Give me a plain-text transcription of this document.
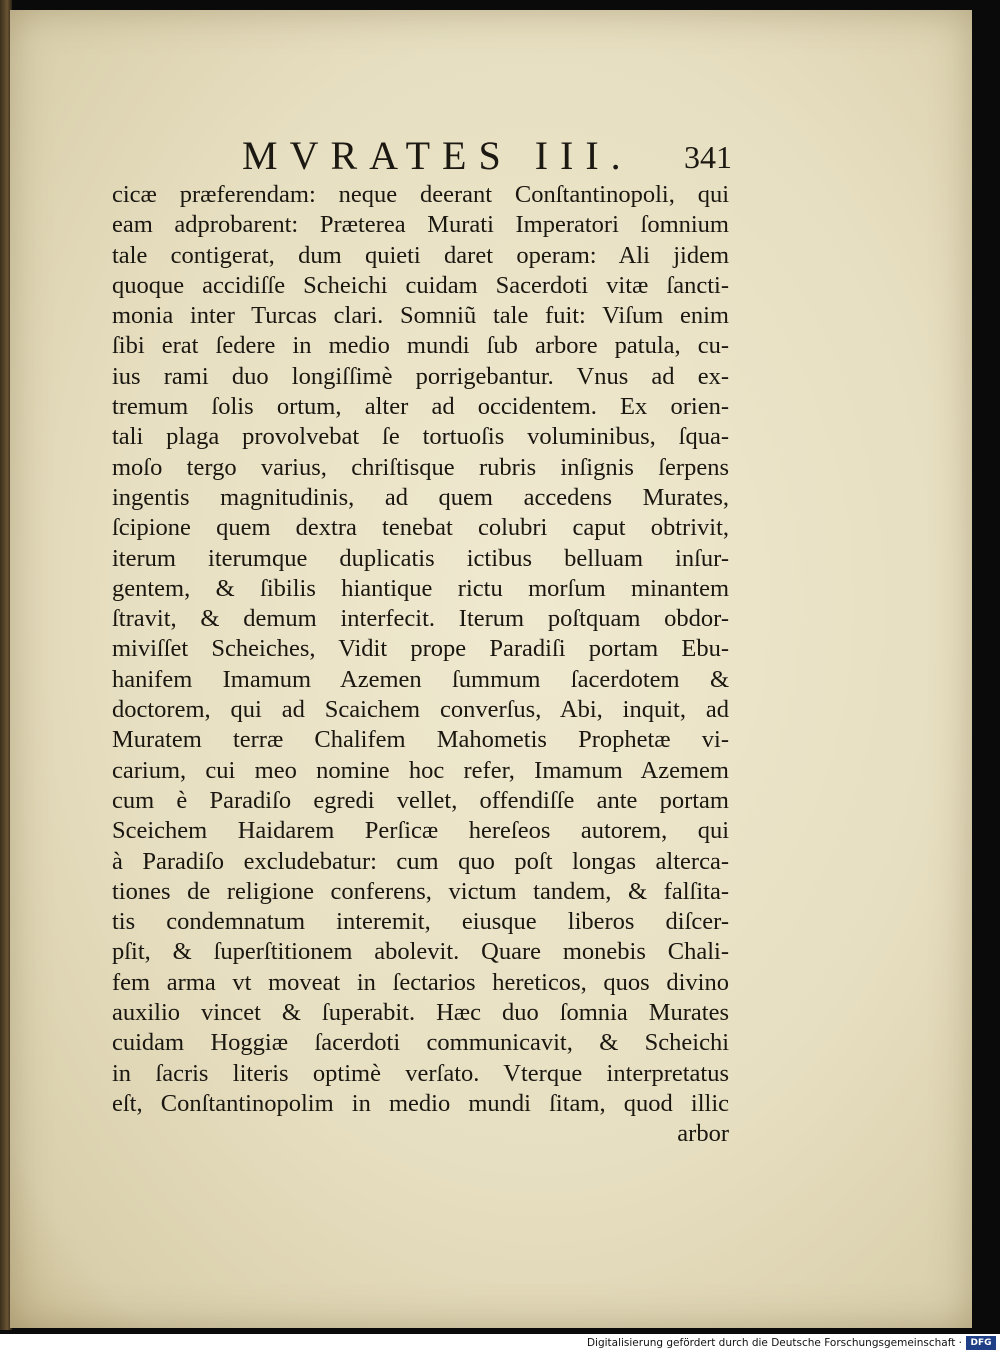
MVRATES III. 341
cicæ præferendam: neque deerant Conſtantinopoli, qui
eam adprobarent: Præterea Murati Imperatori ſomnium
tale contigerat, dum quieti daret operam: Ali jidem
quoque accidiſſe Scheichi cuidam Sacerdoti vitæ ſancti-
monia inter Turcas clari. Somniũ tale fuit: Viſum enim
ſibi erat ſedere in medio mundi ſub arbore patula, cu-
ius rami duo longiſſimè porrigebantur. Vnus ad ex-
tremum ſolis ortum, alter ad occidentem. Ex orien-
tali plaga provolvebat ſe tortuoſis voluminibus, ſqua-
moſo tergo varius, chriſtisque rubris inſignis ſerpens
ingentis magnitudinis, ad quem accedens Murates,
ſcipione quem dextra tenebat colubri caput obtrivit,
iterum iterumque duplicatis ictibus belluam inſur-
gentem, & ſibilis hiantique rictu morſum minantem
ſtravit, & demum interfecit. Iterum poſtquam obdor-
miviſſet Scheiches, Vidit prope Paradiſi portam Ebu-
hanifem Imamum Azemen ſummum ſacerdotem &
doctorem, qui ad Scaichem converſus, Abi, inquit, ad
Muratem terræ Chalifem Mahometis Prophetæ vi-
carium, cui meo nomine hoc refer, Imamum Azemem
cum è Paradiſo egredi vellet, offendiſſe ante portam
Sceichem Haidarem Perſicæ hereſeos autorem, qui
à Paradiſo excludebatur: cum quo poſt longas alterca-
tiones de religione conferens, victum tandem, & falſita-
tis condemnatum interemit, eiusque liberos diſcer-
pſit, & ſuperſtitionem abolevit. Quare monebis Chali-
fem arma vt moveat in ſectarios hereticos, quos divino
auxilio vincet & ſuperabit. Hæc duo ſomnia Murates
cuidam Hoggiæ ſacerdoti communicavit, & Scheichi
in ſacris literis optimè verſato. Vterque interpretatus
eſt, Conſtantinopolim in medio mundi ſitam, quod illic
arbor
Digitalisierung gefördert durch die Deutsche Forschungsgemeinschaft · DFG
